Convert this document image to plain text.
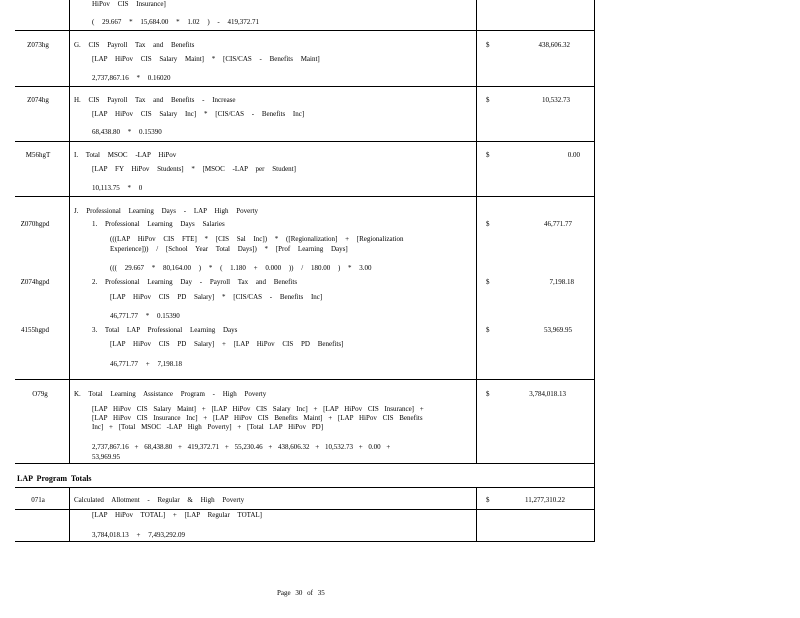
HiPov CIS Insurance]
( 29.667 * 15,684.00 * 1.02 ) - 419,372.71
Z073hg	G. CIS Payroll Tax and Benefits
[LAP HiPov CIS Salary Maint] * [CIS/CAS - Benefits Maint]
2,737,867.16 * 0.16020
$	438,606.32
Z074hg	H. CIS Payroll Tax and Benefits - Increase
[LAP HiPov CIS Salary Inc] * [CIS/CAS - Benefits Inc]
68,438.80 * 0.15390
$	10,532.73
M56hgT	I. Total MSOC -LAP HiPov
[LAP FY HiPov Students] * [MSOC -LAP per Student]
10,113.75 * 0
$	0.00
J. Professional Learning Days - LAP High Poverty
Z070hgpd	1. Professional Learning Days Salaries
(((LAP HiPov CIS FTE] * [CIS Sal Inc]) * ([Regionalization] + [Regionalization
Experience])) / [School Year Total Days]) * [Prof Learning Days]
((( 29.667 * 80,164.00 ) * ( 1.180 + 0.000 )) / 180.00 ) * 3.00
$	46,771.77
Z074hgpd	2. Professional Learning Day - Payroll Tax and Benefits
[LAP HiPov CIS PD Salary] * [CIS/CAS - Benefits Inc]
46,771.77 * 0.15390
$	7,198.18
4155hgpd	3. Total LAP Professional Learning Days
[LAP HiPov CIS PD Salary] + [LAP HiPov CIS PD Benefits]
46,771.77 + 7,198.18
$	53,969.95
O79g	K. Total Learning Assistance Program - High Poverty
[LAP HiPov CIS Salary Maint] + [LAP HiPov CIS Salary Inc] + [LAP HiPov CIS Insurance] +
[LAP HiPov CIS Insurance Inc] + [LAP HiPov CIS Benefits Maint] + [LAP HiPov CIS Benefits
Inc] + [Total MSOC -LAP High Poverty] + [Total LAP HiPov PD]
2,737,867.16 + 68,438.80 + 419,372.71 + 55,230.46 + 438,606.32 + 10,532.73 + 0.00 +
53,969.95
$	3,784,018.13
LAP Program Totals
071a	Calculated Allotment - Regular & High Poverty	$	11,277,310.22
[LAP HiPov TOTAL] + [LAP Regular TOTAL]
3,784,018.13 + 7,493,292.09
Page 30 of 35
